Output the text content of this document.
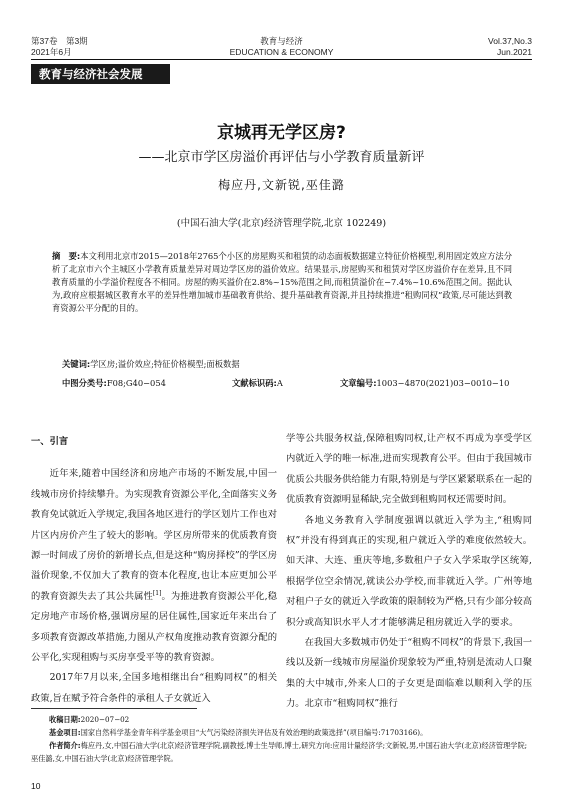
第37卷　第3期
2021年6月
教育与经济
EDUCATION & ECONOMY
Vol.37,No.3
Jun.2021
教育与经济社会发展
京城再无学区房?
——北京市学区房溢价再评估与小学教育质量新评
梅应丹,文新锐,巫佳潞
(中国石油大学(北京)经济管理学院,北京 102249)
摘　要:本文利用北京市2015—2018年2765个小区的房屋购买和租赁的动态面板数据建立特征价格模型,利用固定效应方法分析了北京市六个主城区小学教育质量差异对周边学区房的溢价效应。结果显示,房屋购买和租赁对学区房溢价存在差异,且不同教育质量的小学溢价程度各不相同。房屋的购买溢价在2.8%~15%范围之间,而租赁溢价在−7.4%~10.6%范围之间。据此认为,政府应根据城区教育水平的差异性增加城市基础教育供给、提升基础教育资源,并且持续推进“租购同权”政策,尽可能达到教育资源公平分配的目的。
关键词:学区房;溢价效应;特征价格模型;面板数据
中图分类号:F08;G40−054	文献标识码:A	文章编号:1003−4870(2021)03−0010−10

一、引言

近年来,随着中国经济和房地产市场的不断发展,中国一线城市房价持续攀升。为实现教育资源公平化,全面落实义务教育免试就近入学规定,我国各地区进行的学区划片工作也对片区内房价产生了较大的影响。学区房所带来的优质教育资源一时间成了房价的新增长点,但是这种“购房择校”的学区房溢价现象,不仅加大了教育的资本化程度,也让本应更加公平的教育资源失去了其公共属性[1]。为推进教育资源公平化,稳定房地产市场价格,强调房屋的居住属性,国家近年来出台了多项教育资源改革措施,力图从产权角度推动教育资源分配的公平化,实现租购与买房享受平等的教育资源。

2017年7月以来,全国多地相继出台“租购同权”的相关政策,旨在赋予符合条件的承租人子女就近入

学等公共服务权益,保障租购同权,让产权不再成为享受学区内就近入学的唯一标准,进而实现教育公平。但由于我国城市优质公共服务供给能力有限,特别是与学区紧紧联系在一起的优质教育资源明显稀缺,完全做到租购同权还需要时间。

各地义务教育入学制度强调以就近入学为主,“租购同权”并没有得到真正的实现,租户就近入学的难度依然较大。如天津、大连、重庆等地,多数租户子女入学采取学区统筹,根据学位空余情况,就读公办学校,而非就近入学。广州等地对租户子女的就近入学政策的限制较为严格,只有少部分较高积分或高知识水平人才才能够满足租房就近入学的要求。

在我国大多数城市仍处于“租购不同权”的背景下,我国一线以及新一线城市房屋溢价现象较为严重,特别是流动人口聚集的大中城市,外来人口的子女更是面临难以顺利入学的压力。北京市“租购同权”推行

收稿日期:2020−07−02
基金项目:国家自然科学基金青年科学基金项目“大气污染经济损失评估及有效治理的政策选择”(项目编号:71703166)。
作者简介:梅应丹,女,中国石油大学(北京)经济管理学院,副教授,博士生导师,博士,研究方向:应用计量经济学;文新锐,男,中国石油大学(北京)经济管理学院;巫佳潞,女,中国石油大学(北京)经济管理学院。
10
